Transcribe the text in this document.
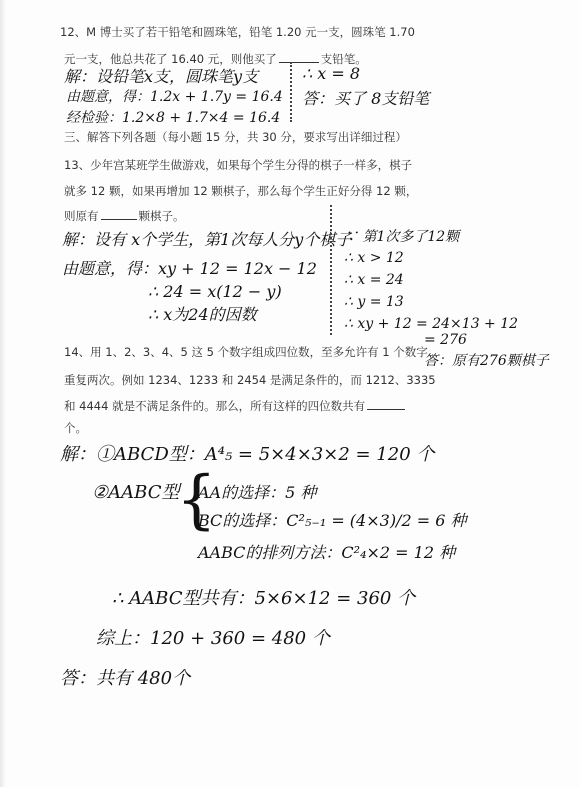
12、M 博士买了若干铅笔和圆珠笔，铅笔 1.20 元一支，圆珠笔 1.70
元一支，他总共花了 16.40 元，则他买了	支铅笔。
解：设铅笔x支，圆珠笔y支
由题意，得：1.2x + 1.7y = 16.4
经检验：1.2×8 + 1.7×4 = 16.4
∴ x = 8
答：买了 8支铅笔
三、解答下列各题（每小题 15 分，共 30 分，要求写出详细过程）
13、少年宫某班学生做游戏，如果每个学生分得的棋子一样多，棋子
就多 12 颗，如果再增加 12 颗棋子，那么每个学生正好分得 12 颗，
则原有	颗棋子。
解：设有 x个学生，第1次每人分y个棋子
由题意，得：xy + 12 = 12x − 12
∴ 24 = x(12 − y)
∴ x为24的因数
∵ 第1次多了12颗
∴ x > 12
∴ x = 24
∴ y = 13
∴ xy + 12 = 24×13 + 12
= 276
答：原有276颗棋子
14、用 1、2、3、4、5 这 5 个数字组成四位数，至多允许有 1 个数字
重复两次。例如 1234、1233 和 2454 是满足条件的，而 1212、3335
和 4444 就是不满足条件的。那么，所有这样的四位数共有
个。
解：①ABCD型：A⁴₅ = 5×4×3×2 = 120 个
②AABC型
{
AA的选择：5 种
BC的选择：C²₅₋₁ = (4×3)/2 = 6 种
AABC的排列方法：C²₄×2 = 12 种
∴ AABC型共有：5×6×12 = 360 个
综上：120 + 360 = 480 个
答：共有 480个
